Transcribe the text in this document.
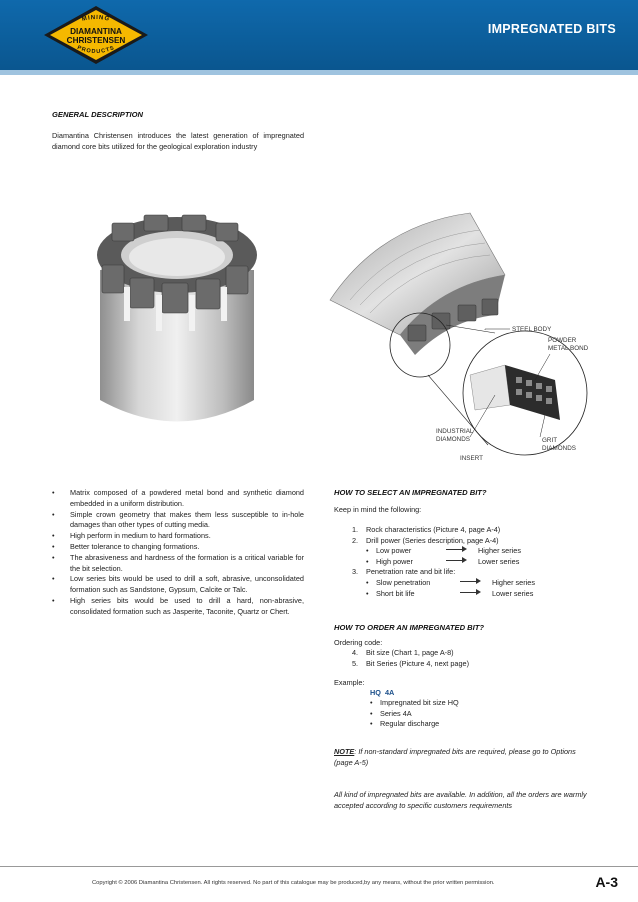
IMPREGNATED BITS
MINING
DIAMANTINA
CHRISTENSEN
PRODUCTS
GENERAL DESCRIPTION
Diamantina Christensen introduces the latest generation of impregnated diamond core bits utilized for the geological exploration industry
STEEL BODY
POWDER
METAL BOND
INDUSTRIAL
DIAMONDS	GRIT
DIAMONDS
INSERT
• Matrix composed of a powdered metal bond and synthetic diamond embedded in a uniform distribution.
• Simple crown geometry that makes them less susceptible to in-hole damages than other types of cutting media.
• High perform in medium to hard formations.
• Better tolerance to changing formations.
• The abrasiveness and hardness of the formation is a critical variable for the bit selection.
• Low series bits would be used to drill a soft, abrasive, unconsolidated formation such as Sandstone, Gypsum, Calcite or Talc.
• High series bits would be used to drill a hard, non-abrasive, consolidated formation such as Jasperite, Taconite, Quartz or Chert.
HOW TO SELECT AN IMPREGNATED BIT?
Keep in mind the following:
1.	Rock characteristics (Picture 4, page A-4)
2.	Drill power (Series description, page A-4)
•	Low power	Higher series
•	High power	Lower series
3.	Penetration rate and bit life:
•	Slow penetration	Higher series
•	Short bit life	Lower series
HOW TO ORDER AN IMPREGNATED BIT?
Ordering code:
4.	Bit size (Chart 1, page A-8)
5.	Bit Series (Picture 4, next page)
Example:
HQ  4A
•	Impregnated bit size HQ
•	Series 4A
•	Regular discharge
NOTE: If non-standard impregnated bits are required, please go to Options (page A-5)
All kind of impregnated bits are available. In addition, all the orders are warmly accepted according to specific customers requirements
Copyright © 2006 Diamantina Christensen. All rights reserved. No part of this catalogue may be produced,by any means, without the prior written permission.	A-3
